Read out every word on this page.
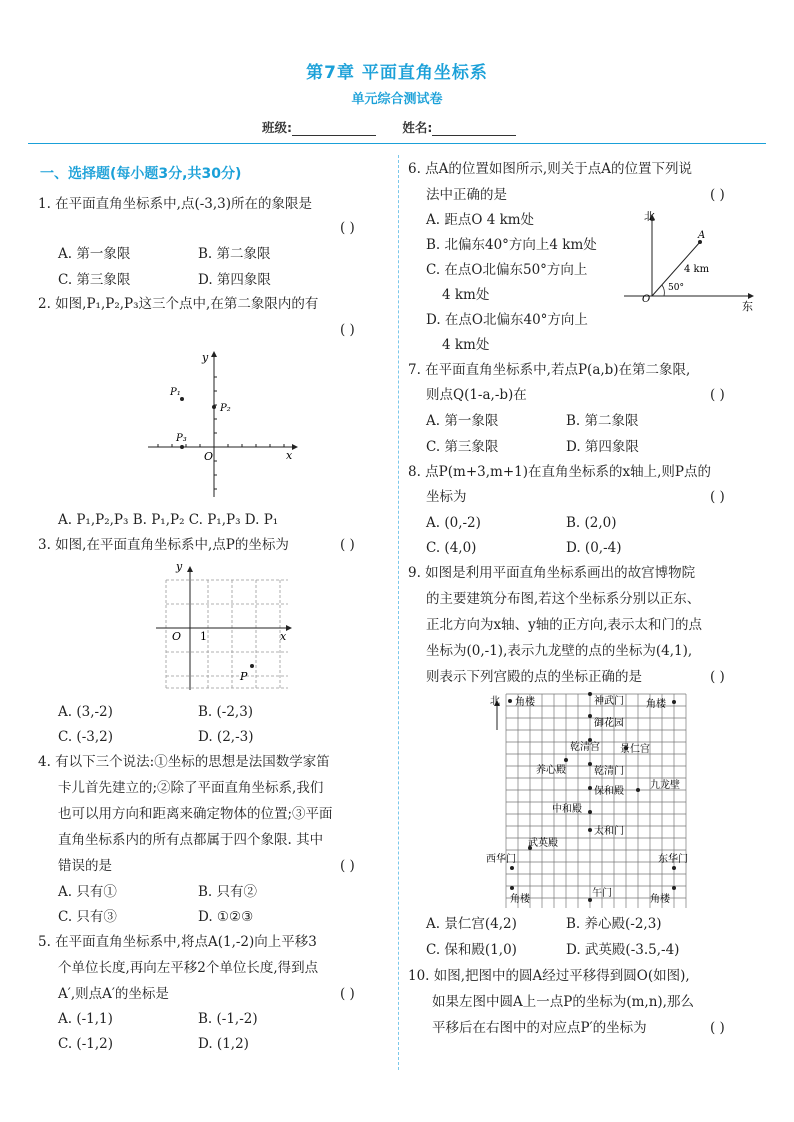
第7章 平面直角坐标系
单元综合测试卷
班级:	姓名:
一、选择题(每小题3分,共30分)
1. 在平面直角坐标系中,点(-3,3)所在的象限是
( )
A. 第一象限	B. 第二象限
C. 第三象限	D. 第四象限
2. 如图,P₁,P₂,P₃这三个点中,在第二象限内的有
( )
y
x
O
P₁
P₂
P₃
A. P₁,P₂,P₃ B. P₁,P₂ C. P₁,P₃ D. P₁
3. 如图,在平面直角坐标系中,点P的坐标为	( )
y
x
O 1
P
A. (3,-2)	B. (-2,3)
C. (-3,2)	D. (2,-3)
4. 有以下三个说法:①坐标的思想是法国数学家笛
卡儿首先建立的;②除了平面直角坐标系,我们
也可以用方向和距离来确定物体的位置;③平面
直角坐标系内的所有点都属于四个象限. 其中
错误的是	( )
A. 只有①	B. 只有②
C. 只有③	D. ①②③
5. 在平面直角坐标系中,将点A(1,-2)向上平移3
个单位长度,再向左平移2个单位长度,得到点
A′,则点A′的坐标是	( )
A. (-1,1)	B. (-1,-2)
C. (-1,2)	D. (1,2)
6. 点A的位置如图所示,则关于点A的位置下列说
法中正确的是	( )
A. 距点O 4 km处
B. 北偏东40°方向上4 km处
C. 在点O北偏东50°方向上
4 km处
D. 在点O北偏东40°方向上
4 km处
北
东
O
A
4 km
50°
7. 在平面直角坐标系中,若点P(a,b)在第二象限,
则点Q(1-a,-b)在	( )
A. 第一象限	B. 第二象限
C. 第三象限	D. 第四象限
8. 点P(m+3,m+1)在直角坐标系的x轴上,则P点的
坐标为	( )
A. (0,-2)	B. (2,0)
C. (4,0)	D. (0,-4)
9. 如图是利用平面直角坐标系画出的故宫博物院
的主要建筑分布图,若这个坐标系分别以正东、
正北方向为x轴、y轴的正方向,表示太和门的点
坐标为(0,-1),表示九龙壁的点的坐标为(4,1),
则表示下列宫殿的点的坐标正确的是	( )
北 角楼	神武门
御花园
乾清宫 景仁宫
养心殿	乾清门
保和殿
九龙壁
中和殿
太和门
武英殿
西华门	东华门
角楼
午门
角楼
角楼
A. 景仁宫(4,2)	B. 养心殿(-2,3)
C. 保和殿(1,0)	D. 武英殿(-3.5,-4)
10. 如图,把图中的圆A经过平移得到圆O(如图),
如果左图中圆A上一点P的坐标为(m,n),那么
平移后在右图中的对应点P′的坐标为	( )
